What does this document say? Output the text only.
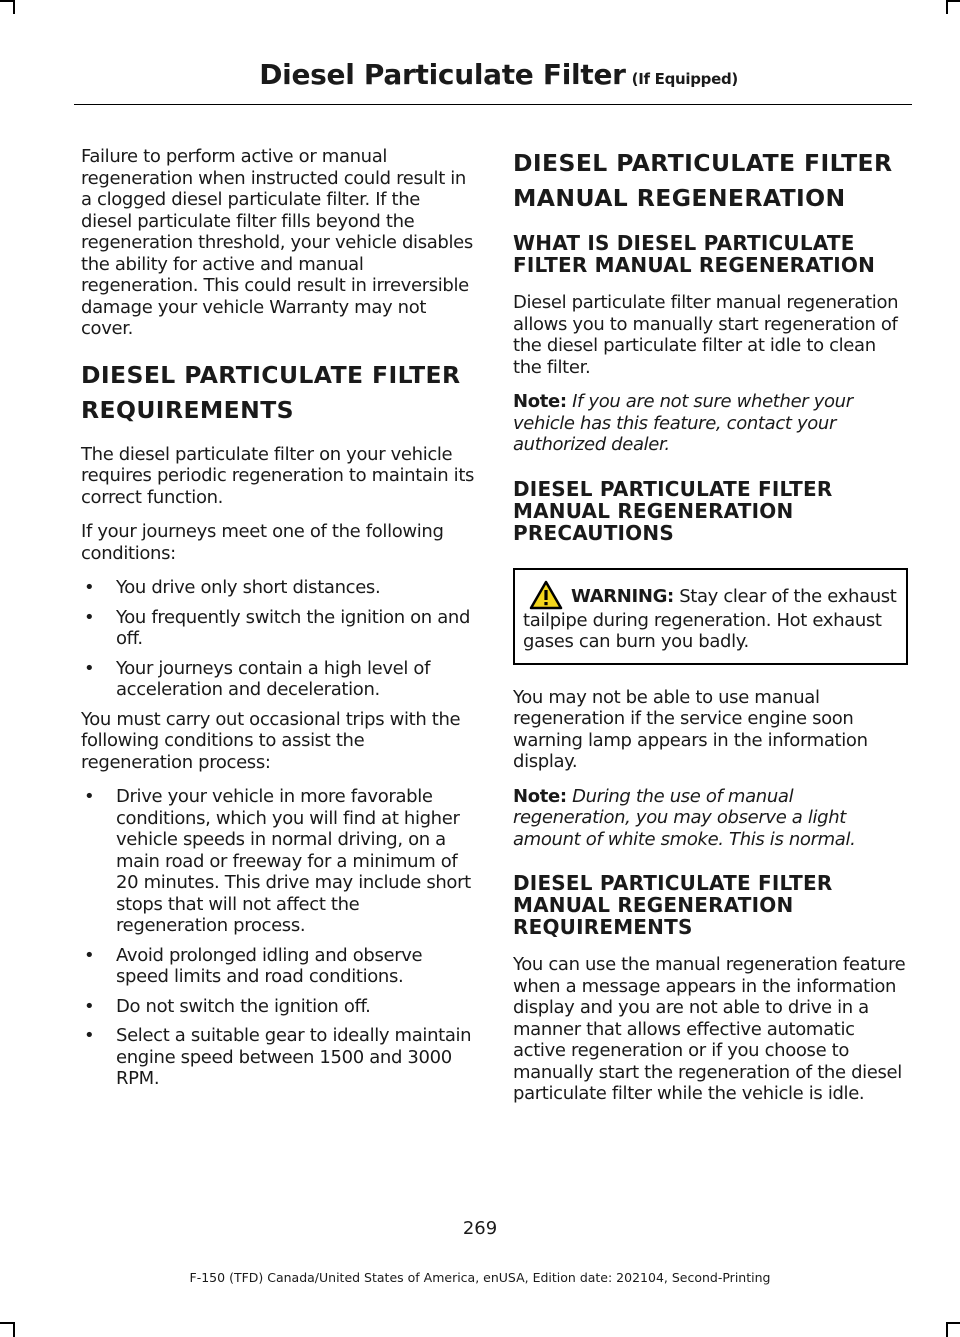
Diesel Particulate Filter (If Equipped)

Failure to perform active or manual regeneration when instructed could result in a clogged diesel particulate filter. If the diesel particulate filter fills beyond the regeneration threshold, your vehicle disables the ability for active and manual regeneration. This could result in irreversible damage your vehicle Warranty may not cover.

DIESEL PARTICULATE FILTER
REQUIREMENTS

The diesel particulate filter on your vehicle requires periodic regeneration to maintain its correct function.

If your journeys meet one of the following conditions:

• You drive only short distances.
• You frequently switch the ignition on and off.
• Your journeys contain a high level of acceleration and deceleration.

You must carry out occasional trips with the following conditions to assist the regeneration process:

• Drive your vehicle in more favorable conditions, which you will find at higher vehicle speeds in normal driving, on a main road or freeway for a minimum of 20 minutes. This drive may include short stops that will not affect the regeneration process.
• Avoid prolonged idling and observe speed limits and road conditions.
• Do not switch the ignition off.
• Select a suitable gear to ideally maintain engine speed between 1500 and 3000 RPM.
DIESEL PARTICULATE FILTER
MANUAL REGENERATION
WHAT IS DIESEL PARTICULATE FILTER MANUAL REGENERATION

Diesel particulate filter manual regeneration allows you to manually start regeneration of the diesel particulate filter at idle to clean the filter.

Note: If you are not sure whether your vehicle has this feature, contact your authorized dealer.

DIESEL PARTICULATE FILTER MANUAL REGENERATION PRECAUTIONS
WARNING: Stay clear of the exhaust tailpipe during regeneration. Hot exhaust gases can burn you badly.

You may not be able to use manual regeneration if the service engine soon warning lamp appears in the information display.

Note: During the use of manual regeneration, you may observe a light amount of white smoke. This is normal.

DIESEL PARTICULATE FILTER MANUAL REGENERATION REQUIREMENTS

You can use the manual regeneration feature when a message appears in the information display and you are not able to drive in a manner that allows effective automatic active regeneration or if you choose to manually start the regeneration of the diesel particulate filter while the vehicle is idle.

269
F-150 (TFD) Canada/United States of America, enUSA, Edition date: 202104, Second-Printing
